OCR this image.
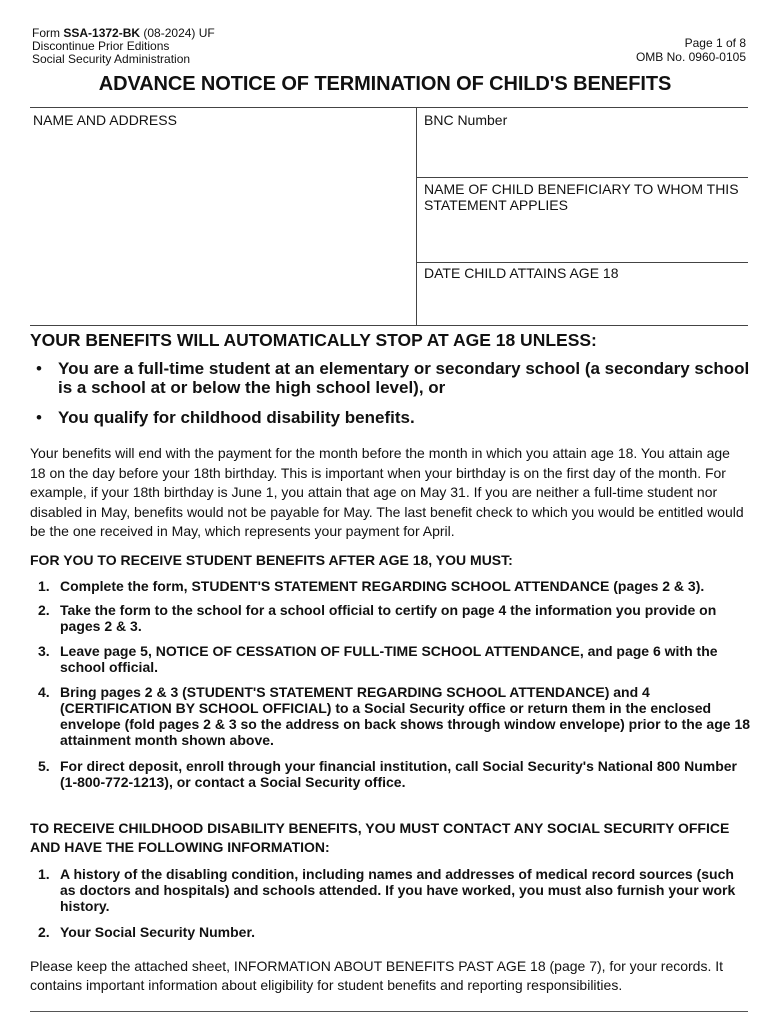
Form SSA-1372-BK (08-2024) UF
Discontinue Prior Editions
Social Security Administration
Page 1 of 8
OMB No. 0960-0105
ADVANCE NOTICE OF TERMINATION OF CHILD'S BENEFITS
NAME AND ADDRESS	BNC Number
NAME OF CHILD BENEFICIARY TO WHOM THIS STATEMENT APPLIES
DATE CHILD ATTAINS AGE 18
YOUR BENEFITS WILL AUTOMATICALLY STOP AT AGE 18 UNLESS:
• You are a full-time student at an elementary or secondary school (a secondary school is a school at or below the high school level), or
• You qualify for childhood disability benefits.
Your benefits will end with the payment for the month before the month in which you attain age 18. You attain age 18 on the day before your 18th birthday. This is important when your birthday is on the first day of the month. For example, if your 18th birthday is June 1, you attain that age on May 31. If you are neither a full-time student nor disabled in May, benefits would not be payable for May. The last benefit check to which you would be entitled would be the one received in May, which represents your payment for April.
FOR YOU TO RECEIVE STUDENT BENEFITS AFTER AGE 18, YOU MUST:
1. Complete the form, STUDENT'S STATEMENT REGARDING SCHOOL ATTENDANCE (pages 2 & 3).
2. Take the form to the school for a school official to certify on page 4 the information you provide on pages 2 & 3.
3. Leave page 5, NOTICE OF CESSATION OF FULL-TIME SCHOOL ATTENDANCE, and page 6 with the school official.
4. Bring pages 2 & 3 (STUDENT'S STATEMENT REGARDING SCHOOL ATTENDANCE) and 4 (CERTIFICATION BY SCHOOL OFFICIAL) to a Social Security office or return them in the enclosed envelope (fold pages 2 & 3 so the address on back shows through window envelope) prior to the age 18 attainment month shown above.
5. For direct deposit, enroll through your financial institution, call Social Security's National 800 Number (1-800-772-1213), or contact a Social Security office.
TO RECEIVE CHILDHOOD DISABILITY BENEFITS, YOU MUST CONTACT ANY SOCIAL SECURITY OFFICE AND HAVE THE FOLLOWING INFORMATION:
1. A history of the disabling condition, including names and addresses of medical record sources (such as doctors and hospitals) and schools attended. If you have worked, you must also furnish your work history.
2. Your Social Security Number.
Please keep the attached sheet, INFORMATION ABOUT BENEFITS PAST AGE 18 (page 7), for your records. It contains important information about eligibility for student benefits and reporting responsibilities.
